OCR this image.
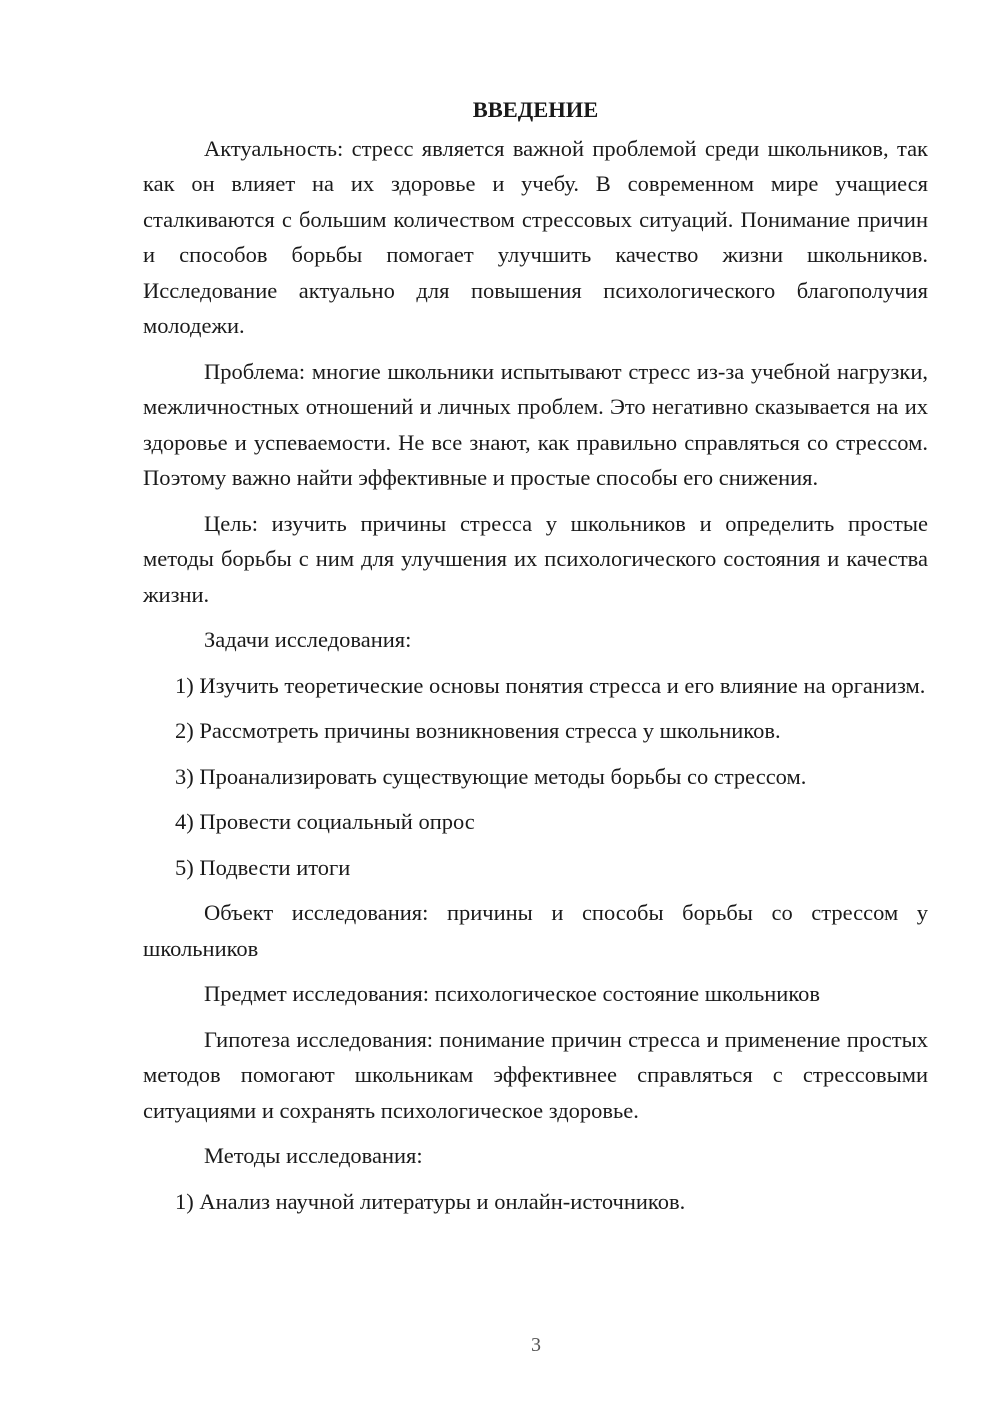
ВВЕДЕНИЕ

Актуальность: стресс является важной проблемой среди школьников, так как он влияет на их здоровье и учебу. В современном мире учащиеся сталкиваются с большим количеством стрессовых ситуаций. Понимание причин и способов борьбы помогает улучшить качество жизни школьников. Исследование актуально для повышения психологического благополучия молодежи.

Проблема: многие школьники испытывают стресс из-за учебной нагрузки, межличностных отношений и личных проблем. Это негативно сказывается на их здоровье и успеваемости. Не все знают, как правильно справляться со стрессом. Поэтому важно найти эффективные и простые способы его снижения.

Цель: изучить причины стресса у школьников и определить простые методы борьбы с ним для улучшения их психологического состояния и качества жизни.

Задачи исследования:

1) Изучить теоретические основы понятия стресса и его влияние на организм.

2) Рассмотреть причины возникновения стресса у школьников.

3) Проанализировать существующие методы борьбы со стрессом.

4) Провести социальный опрос

5) Подвести итоги

Объект исследования: причины и способы борьбы со стрессом у школьников

Предмет исследования: психологическое состояние школьников

Гипотеза исследования: понимание причин стресса и применение простых методов помогают школьникам эффективнее справляться с стрессовыми ситуациями и сохранять психологическое здоровье.

Методы исследования:

1) Анализ научной литературы и онлайн-источников.

3
